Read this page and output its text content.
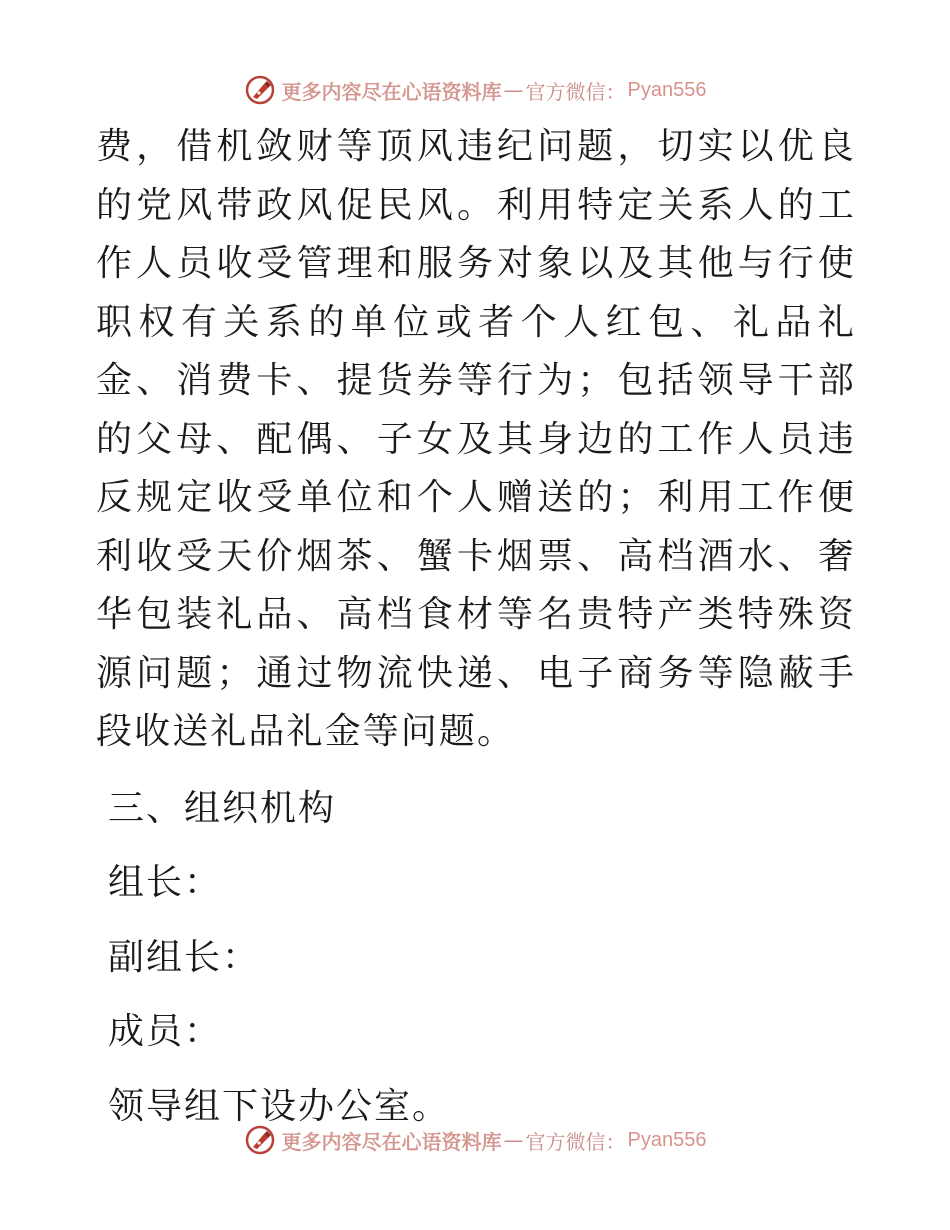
更多内容尽在心语资料库 — 官方微信： Pyan556

费，借机敛财等顶风违纪问题，切实以优良的党风带政风促民风。利用特定关系人的工作人员收受管理和服务对象以及其他与行使职权有关系的单位或者个人红包、礼品礼金、消费卡、提货券等行为；包括领导干部的父母、配偶、子女及其身边的工作人员违反规定收受单位和个人赠送的；利用工作便利收受天价烟茶、蟹卡烟票、高档酒水、奢华包装礼品、高档食材等名贵特产类特殊资源问题；通过物流快递、电子商务等隐蔽手段收送礼品礼金等问题。

三、组织机构

组长：

副组长：

成员：

领导组下设办公室。

更多内容尽在心语资料库 — 官方微信： Pyan556
